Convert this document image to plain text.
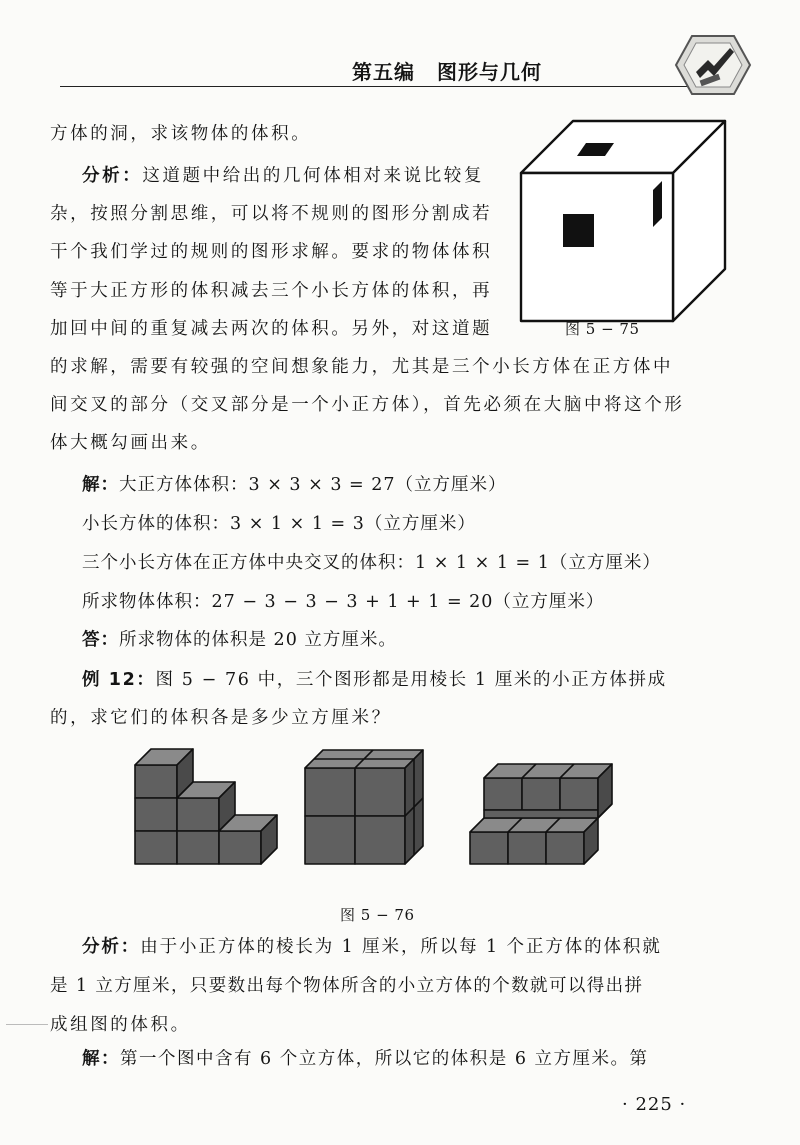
第五编 图形与几何
方体的洞，求该物体的体积。
分析：这道题中给出的几何体相对来说比较复
杂，按照分割思维，可以将不规则的图形分割成若
干个我们学过的规则的图形求解。要求的物体体积
等于大正方形的体积减去三个小长方体的体积，再
加回中间的重复减去两次的体积。另外，对这道题
的求解，需要有较强的空间想象能力，尤其是三个小长方体在正方体中
间交叉的部分（交叉部分是一个小正方体），首先必须在大脑中将这个形
体大概勾画出来。
解：大正方体体积：3 × 3 × 3 = 27（立方厘米）
小长方体的体积：3 × 1 × 1 = 3（立方厘米）
三个小长方体在正方体中央交叉的体积：1 × 1 × 1 = 1（立方厘米）
所求物体体积：27 − 3 − 3 − 3 + 1 + 1 = 20（立方厘米）
答：所求物体的体积是 20 立方厘米。
例 12：图 5 − 76 中，三个图形都是用棱长 1 厘米的小正方体拼成
的，求它们的体积各是多少立方厘米？
分析：由于小正方体的棱长为 1 厘米，所以每 1 个正方体的体积就
是 1 立方厘米，只要数出每个物体所含的小立方体的个数就可以得出拼
成组图的体积。
解：第一个图中含有 6 个立方体，所以它的体积是 6 立方厘米。第
图 5 − 75
图 5 − 76
· 225 ·
